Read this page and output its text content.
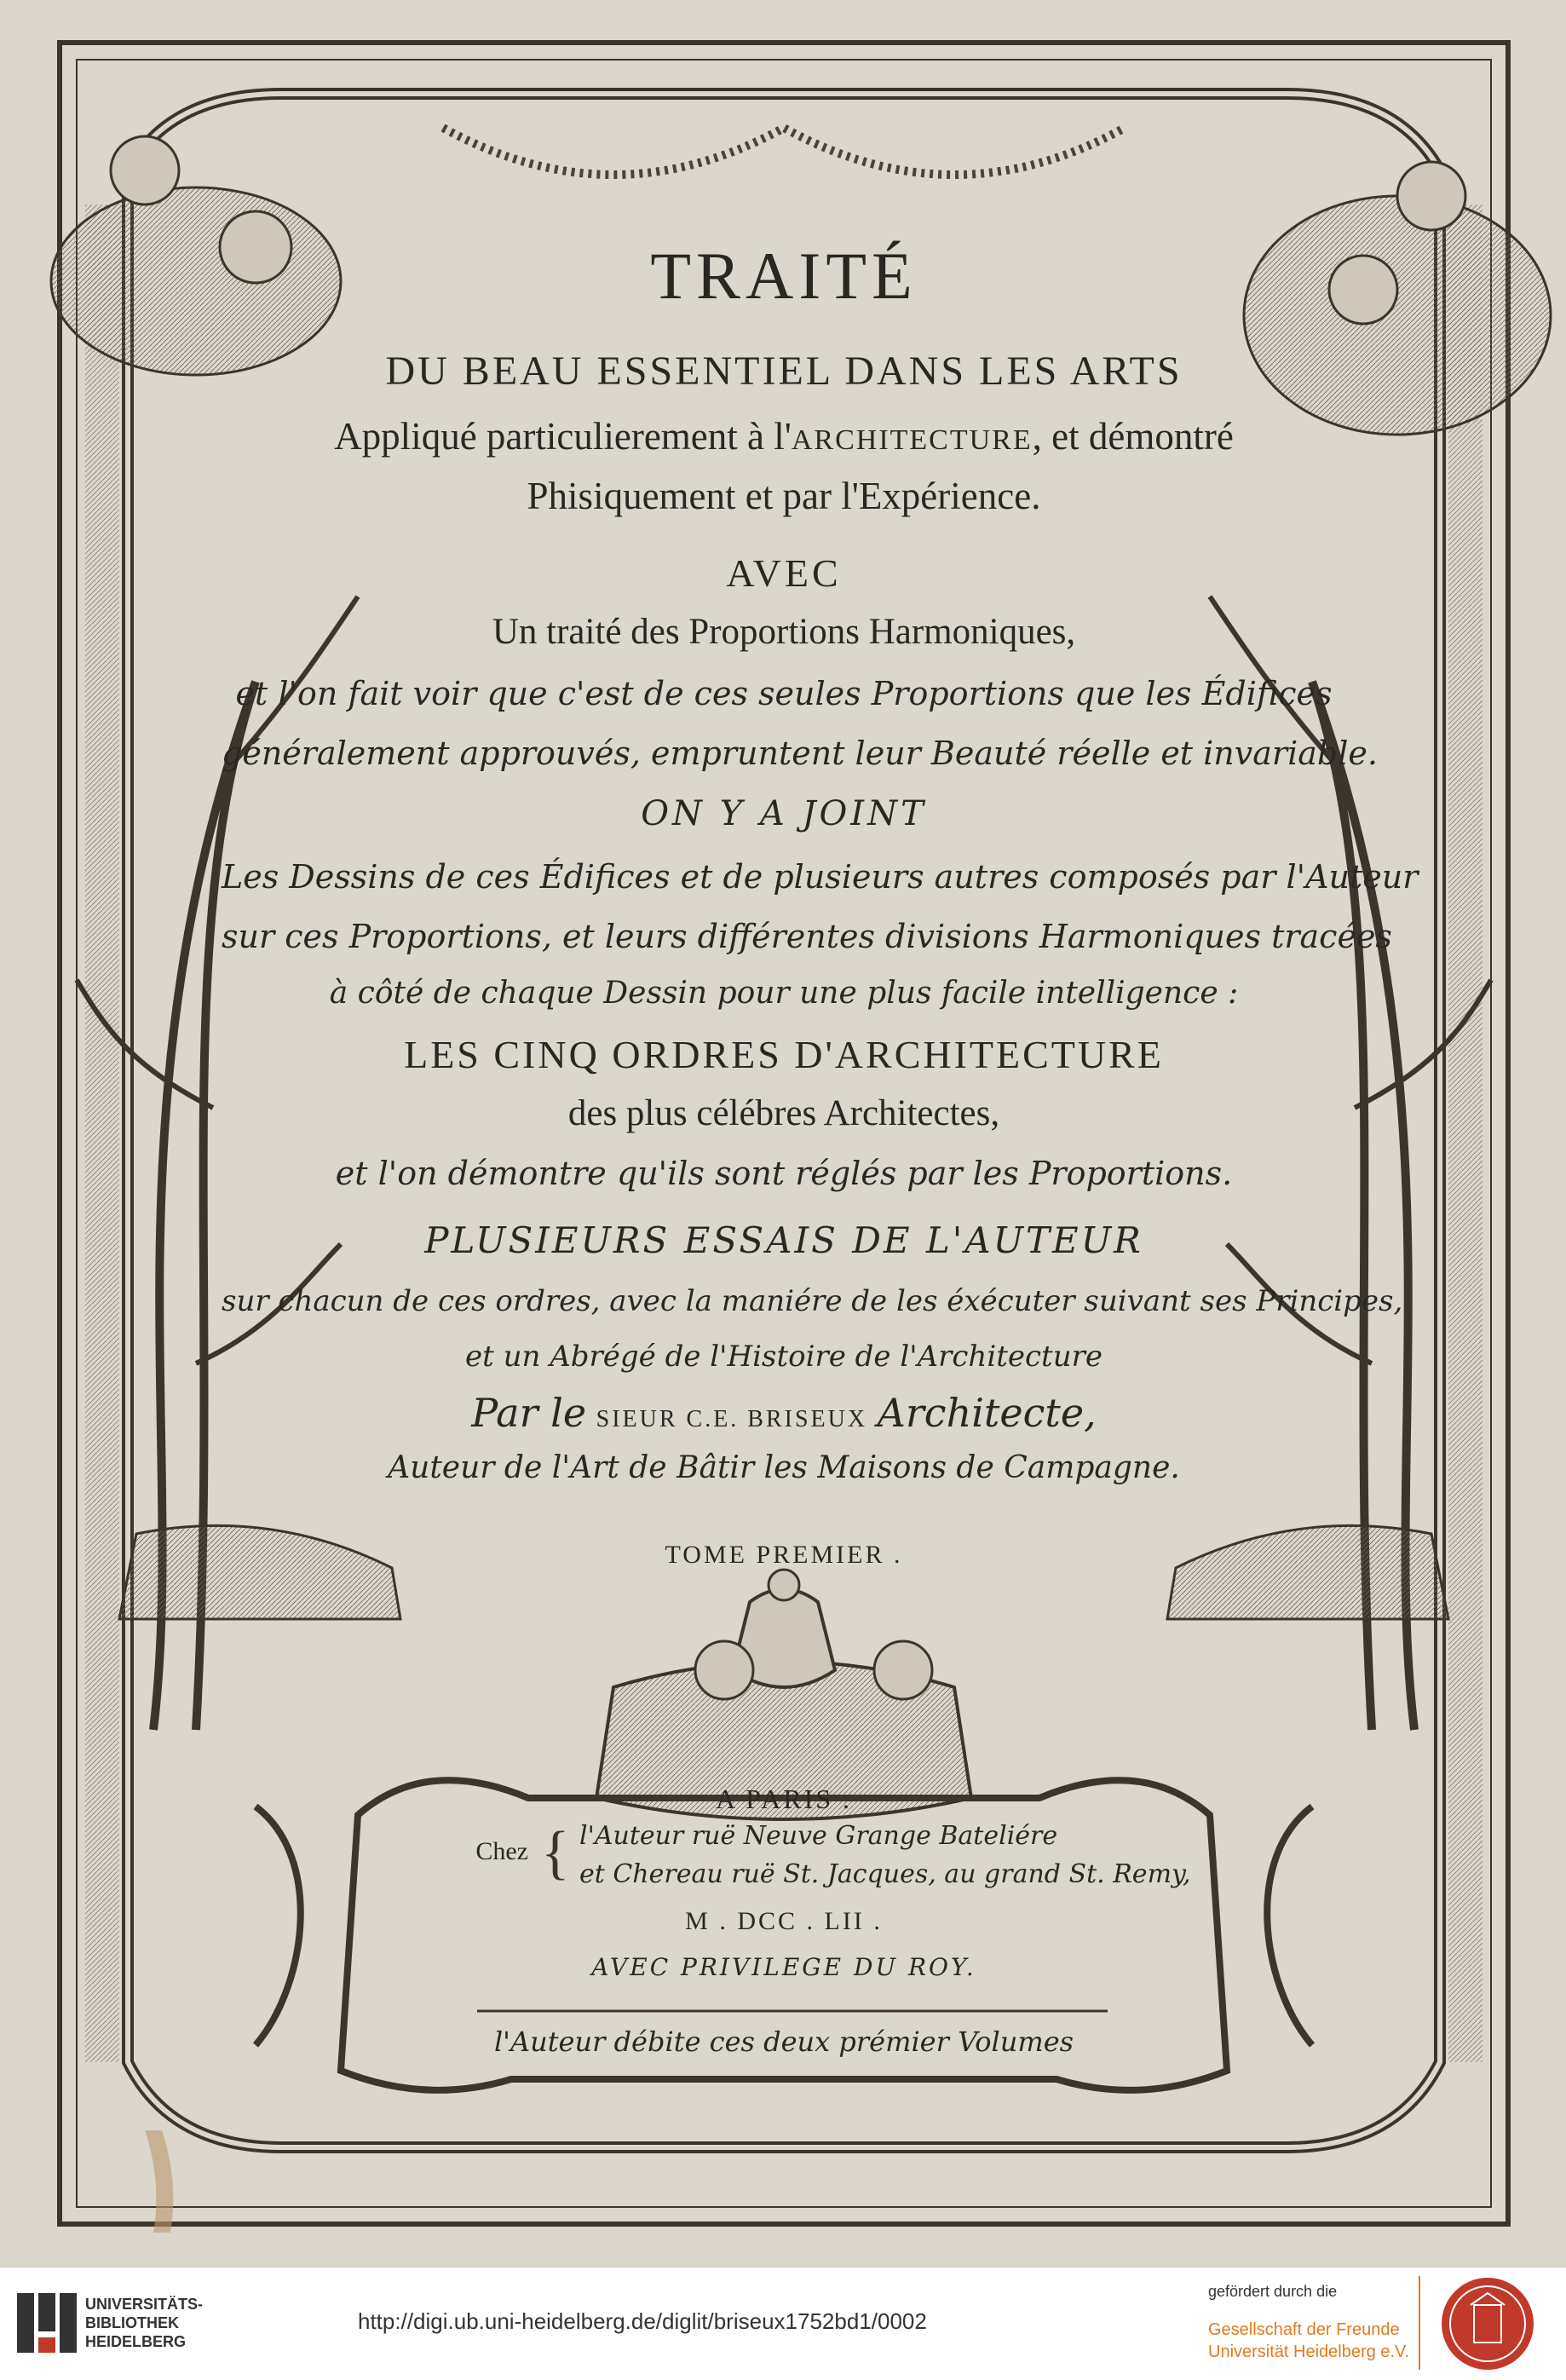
TRAITÉ
DU BEAU ESSENTIEL DANS LES ARTS
Appliqué particulierement à l'ARCHITECTURE, et démontré
Phisiquement et par l'Expérience.
AVEC
Un traité des Proportions Harmoniques,
et l'on fait voir que c'est de ces seules Proportions que les Édifices
généralement approuvés, empruntent leur Beauté réelle et invariable.
ON Y A JOINT
Les Dessins de ces Édifices et de plusieurs autres composés par l'Auteur
sur ces Proportions, et leurs différentes divisions Harmoniques tracées
à côté de chaque Dessin pour une plus facile intelligence :
LES CINQ ORDRES D'ARCHITECTURE
des plus célébres Architectes,
et l'on démontre qu'ils sont réglés par les Proportions.
PLUSIEURS ESSAIS DE L'AUTEUR
sur chacun de ces ordres, avec la maniére de les éxécuter suivant ses Principes,
et un Abrégé de l'Histoire de l'Architecture
Par le SIEUR C.E. BRISEUX Architecte,
Auteur de l'Art de Bâtir les Maisons de Campagne.
TOME PREMIER .
A PARIS .
Chez { l'Auteur ruë Neuve Grange Bateliére
et Chereau ruë St. Jacques, au grand St. Remy,
M . DCC . LII .
AVEC PRIVILEGE DU ROY.
l'Auteur débite ces deux prémier Volumes
UNIVERSITÄTS-
BIBLIOTHEK
HEIDELBERG
http://digi.ub.uni-heidelberg.de/diglit/briseux1752bd1/0002
gefördert durch die
Gesellschaft der Freunde
Universität Heidelberg e.V.
